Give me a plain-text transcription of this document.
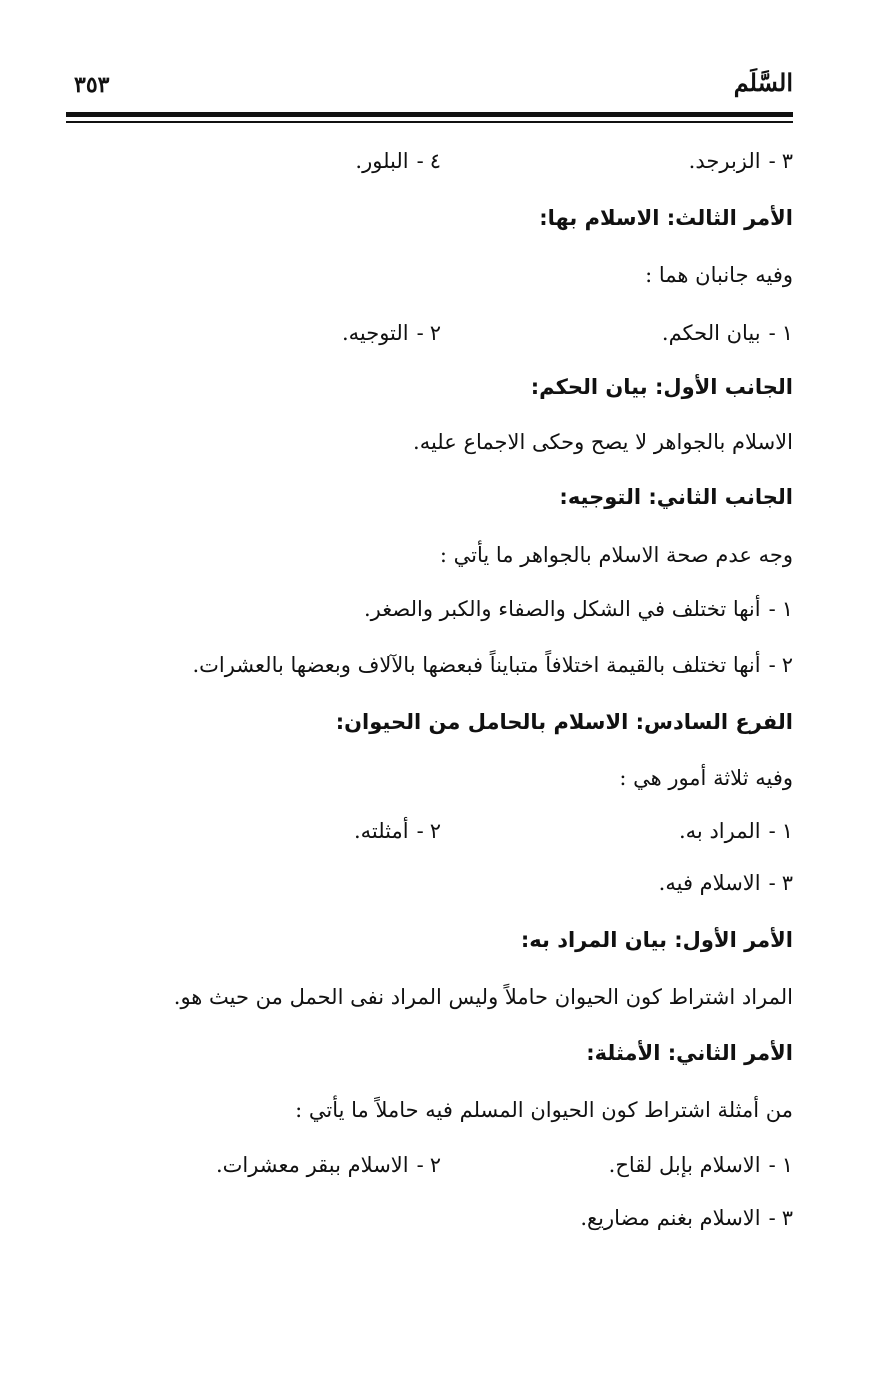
السَّلَم
٣٥٣
٣-الزبرجد.
٤-البلور.
الأمر الثالث: الاسلام بها:
وفيه جانبان هما :
١-بيان الحكم.
٢-التوجيه.
الجانب الأول: بيان الحكم:
الاسلام بالجواهر لا يصح وحكى الاجماع عليه.
الجانب الثاني: التوجيه:
وجه عدم صحة الاسلام بالجواهر ما يأتي :
١-أنها تختلف في الشكل والصفاء والكبر والصغر.
٢-أنها تختلف بالقيمة اختلافاً متبايناً فبعضها بالآلاف وبعضها بالعشرات.
الفرع السادس: الاسلام بالحامل من الحيوان:
وفيه ثلاثة أمور هي :
١-المراد به.
٢-أمثلته.
٣-الاسلام فيه.
الأمر الأول: بيان المراد به:
المراد اشتراط كون الحيوان حاملاً وليس المراد نفى الحمل من حيث هو.
الأمر الثاني: الأمثلة:
من أمثلة اشتراط كون الحيوان المسلم فيه حاملاً ما يأتي :
١-الاسلام بإبل لقاح.
٢-الاسلام ببقر معشرات.
٣-الاسلام بغنم مضاريع.
